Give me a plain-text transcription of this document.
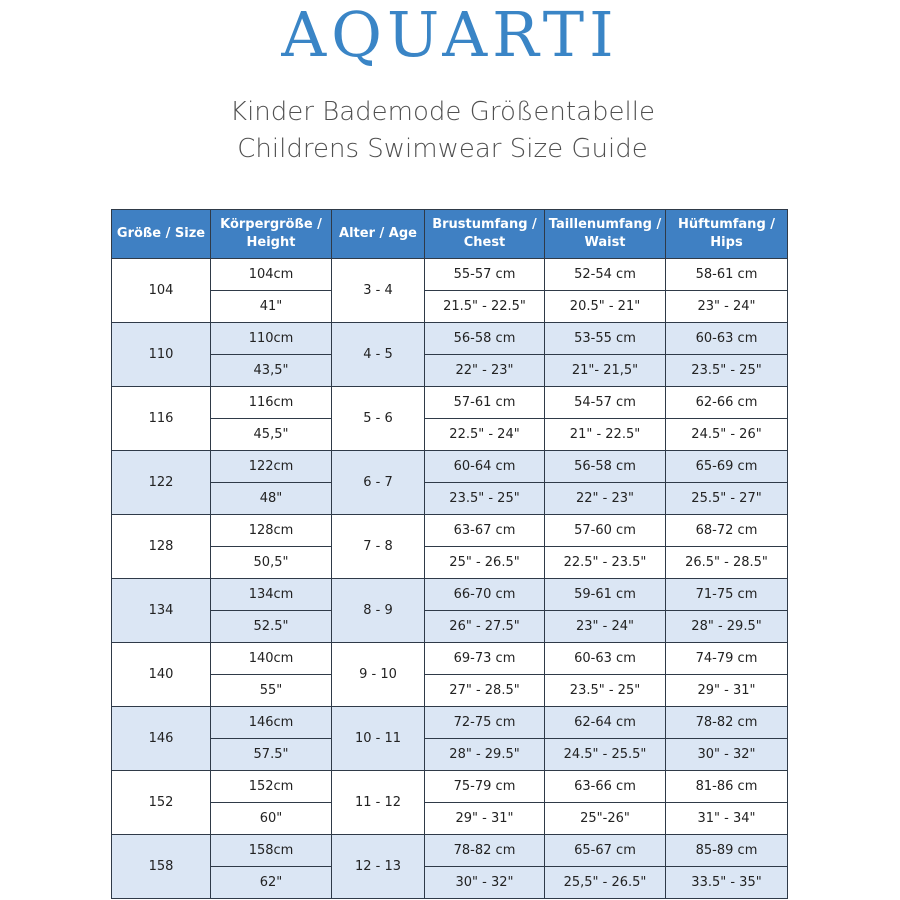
AQUARTI
Kinder Bademode Größentabelle
Childrens Swimwear Size Guide
Größe / Size	Körpergröße / Height	Alter / Age	Brustumfang / Chest	Taillenumfang / Waist	Hüftumfang / Hips
104	104cm	3 - 4	55-57 cm	52-54 cm	58-61 cm
	41"		21.5" - 22.5"	20.5" - 21"	23" - 24"
110	110cm	4 - 5	56-58 cm	53-55 cm	60-63 cm
	43,5"		22" - 23"	21"- 21,5"	23.5" - 25"
116	116cm	5 - 6	57-61 cm	54-57 cm	62-66 cm
	45,5"		22.5" - 24"	21" - 22.5"	24.5" - 26"
122	122cm	6 - 7	60-64 cm	56-58 cm	65-69 cm
	48"		23.5" - 25"	22" - 23"	25.5" - 27"
128	128cm	7 - 8	63-67 cm	57-60 cm	68-72 cm
	50,5"		25" - 26.5"	22.5" - 23.5"	26.5" - 28.5"
134	134cm	8 - 9	66-70 cm	59-61 cm	71-75 cm
	52.5"		26" - 27.5"	23" - 24"	28" - 29.5"
140	140cm	9 - 10	69-73 cm	60-63 cm	74-79 cm
	55"		27" - 28.5"	23.5" - 25"	29" - 31"
146	146cm	10 - 11	72-75 cm	62-64 cm	78-82 cm
	57.5"		28" - 29.5"	24.5" - 25.5"	30" - 32"
152	152cm	11 - 12	75-79 cm	63-66 cm	81-86 cm
	60"		29" - 31"	25"-26"	31" - 34"
158	158cm	12 - 13	78-82 cm	65-67 cm	85-89 cm
	62"		30" - 32"	25,5" - 26.5"	33.5" - 35"
